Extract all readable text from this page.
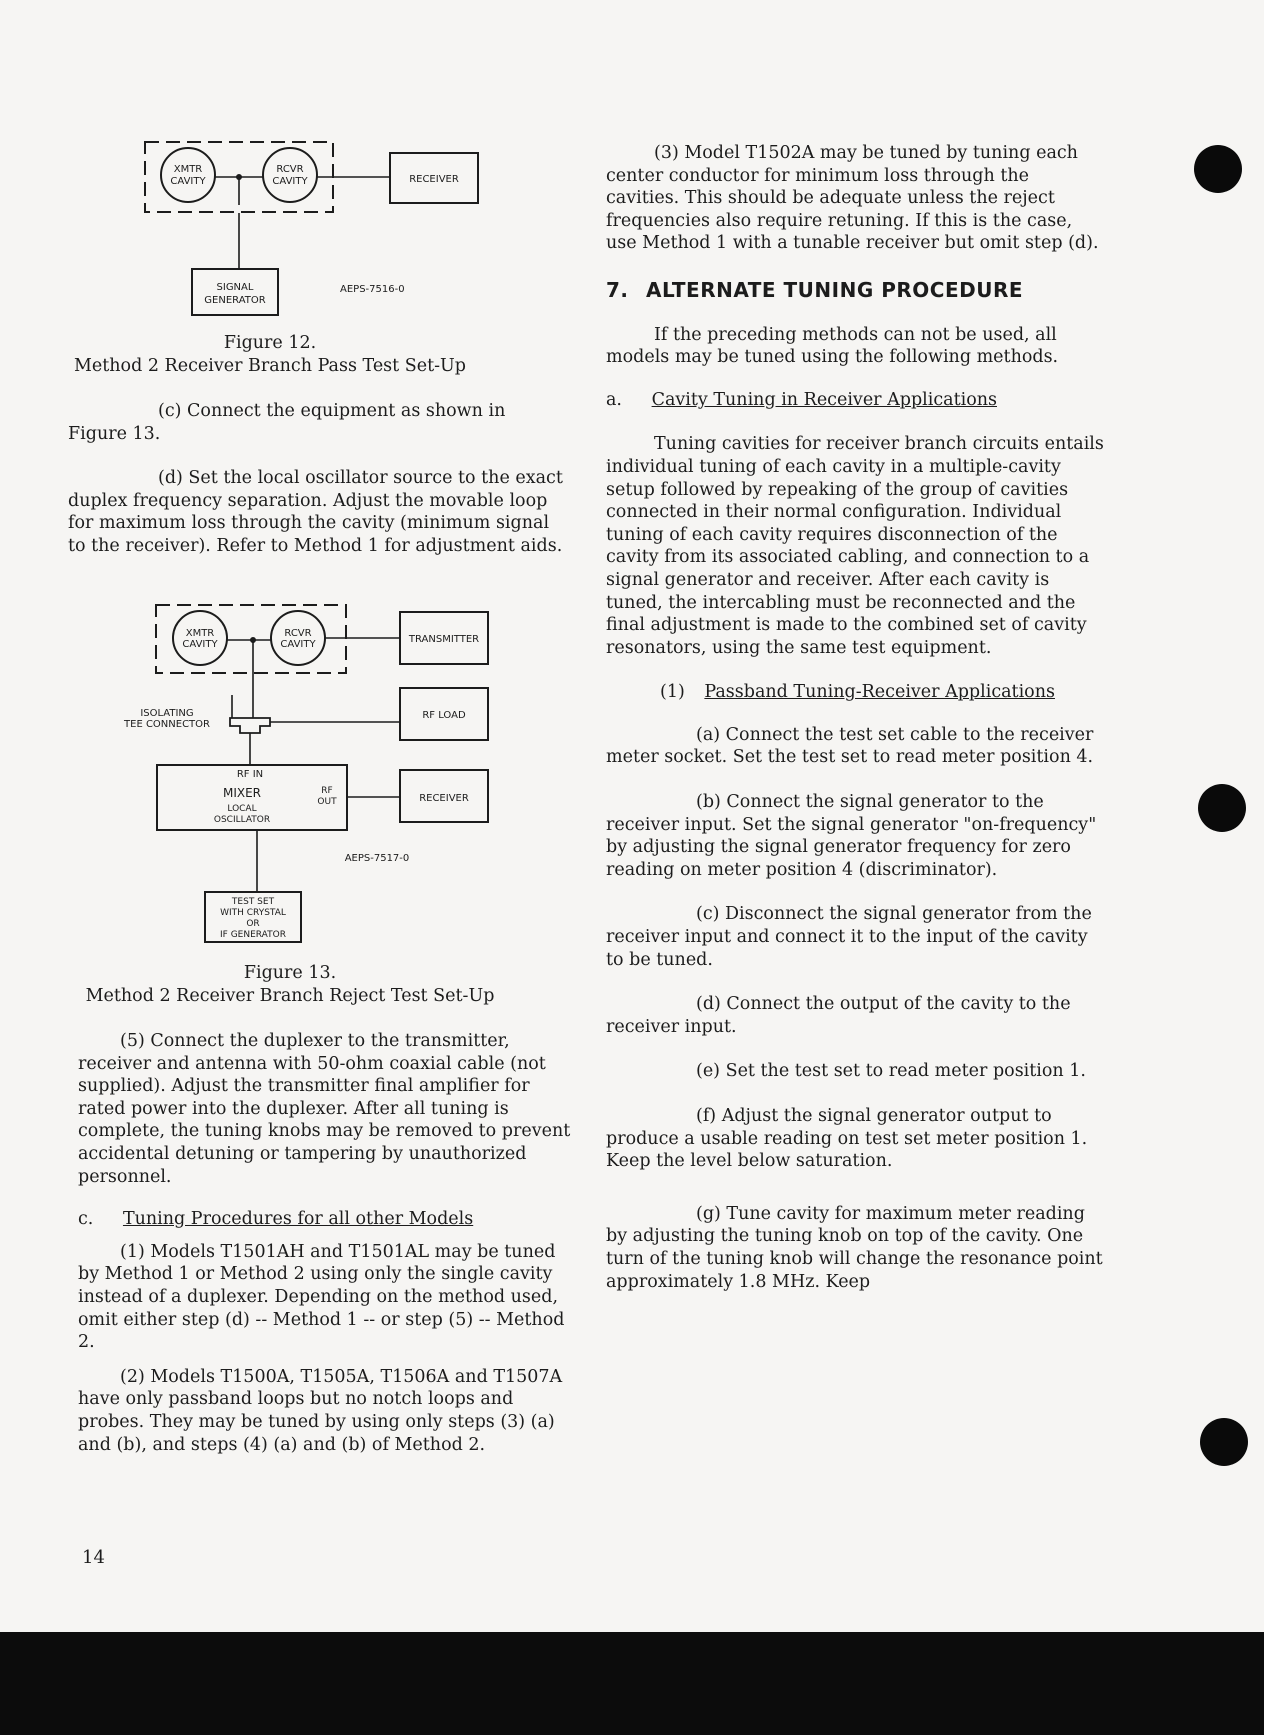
XMTR
CAVITY
RCVR
CAVITY	RECEIVER
SIGNAL
GENERATOR
AEPS-7516-0
Figure 12.
Method 2 Receiver Branch Pass Test Set-Up

(c) Connect the equipment as shown in Figure 13.

(d) Set the local oscillator source to the exact duplex frequency separation. Adjust the movable loop for maximum loss through the cavity (minimum signal to the receiver). Refer to Method 1 for adjustment aids.

XMTR
CAVITY
RCVR
CAVITY	TRANSMITTER
ISOLATING
TEE CONNECTOR
RF LOAD
RF IN
MIXER	RF
OUT
LOCAL
OSCILLATOR
RECEIVER
AEPS-7517-0
TEST SET
WITH CRYSTAL
OR
IF GENERATOR
Figure 13.
Method 2 Receiver Branch Reject Test Set-Up

(5) Connect the duplexer to the transmitter, receiver and antenna with 50-ohm coaxial cable (not supplied). Adjust the transmitter final amplifier for rated power into the duplexer. After all tuning is complete, the tuning knobs may be removed to prevent accidental detuning or tampering by unauthorized personnel.

c. Tuning Procedures for all other Models

(1) Models T1501AH and T1501AL may be tuned by Method 1 or Method 2 using only the single cavity instead of a duplexer. Depending on the method used, omit either step (d) -- Method 1 -- or step (5) -- Method 2.

(2) Models T1500A, T1505A, T1506A and T1507A have only passband loops but no notch loops and probes. They may be tuned by using only steps (3) (a) and (b), and steps (4) (a) and (b) of Method 2.

(3) Model T1502A may be tuned by tuning each center conductor for minimum loss through the cavities. This should be adequate unless the reject frequencies also require retuning. If this is the case, use Method 1 with a tunable receiver but omit step (d).

7. ALTERNATE TUNING PROCEDURE

If the preceding methods can not be used, all models may be tuned using the following methods.

a. Cavity Tuning in Receiver Applications

Tuning cavities for receiver branch circuits entails individual tuning of each cavity in a multiple-cavity setup followed by repeaking of the group of cavities connected in their normal configuration. Individual tuning of each cavity requires disconnection of the cavity from its associated cabling, and connection to a signal generator and receiver. After each cavity is tuned, the intercabling must be reconnected and the final adjustment is made to the combined set of cavity resonators, using the same test equipment.

(1) Passband Tuning-Receiver Applications

(a) Connect the test set cable to the receiver meter socket. Set the test set to read meter position 4.

(b) Connect the signal generator to the receiver input. Set the signal generator "on-frequency" by adjusting the signal generator frequency for zero reading on meter position 4 (discriminator).

(c) Disconnect the signal generator from the receiver input and connect it to the input of the cavity to be tuned.

(d) Connect the output of the cavity to the receiver input.

(e) Set the test set to read meter position 1.

(f) Adjust the signal generator output to produce a usable reading on test set meter position 1. Keep the level below saturation.

(g) Tune cavity for maximum meter reading by adjusting the tuning knob on top of the cavity. One turn of the tuning knob will change the resonance point approximately 1.8 MHz. Keep

14
